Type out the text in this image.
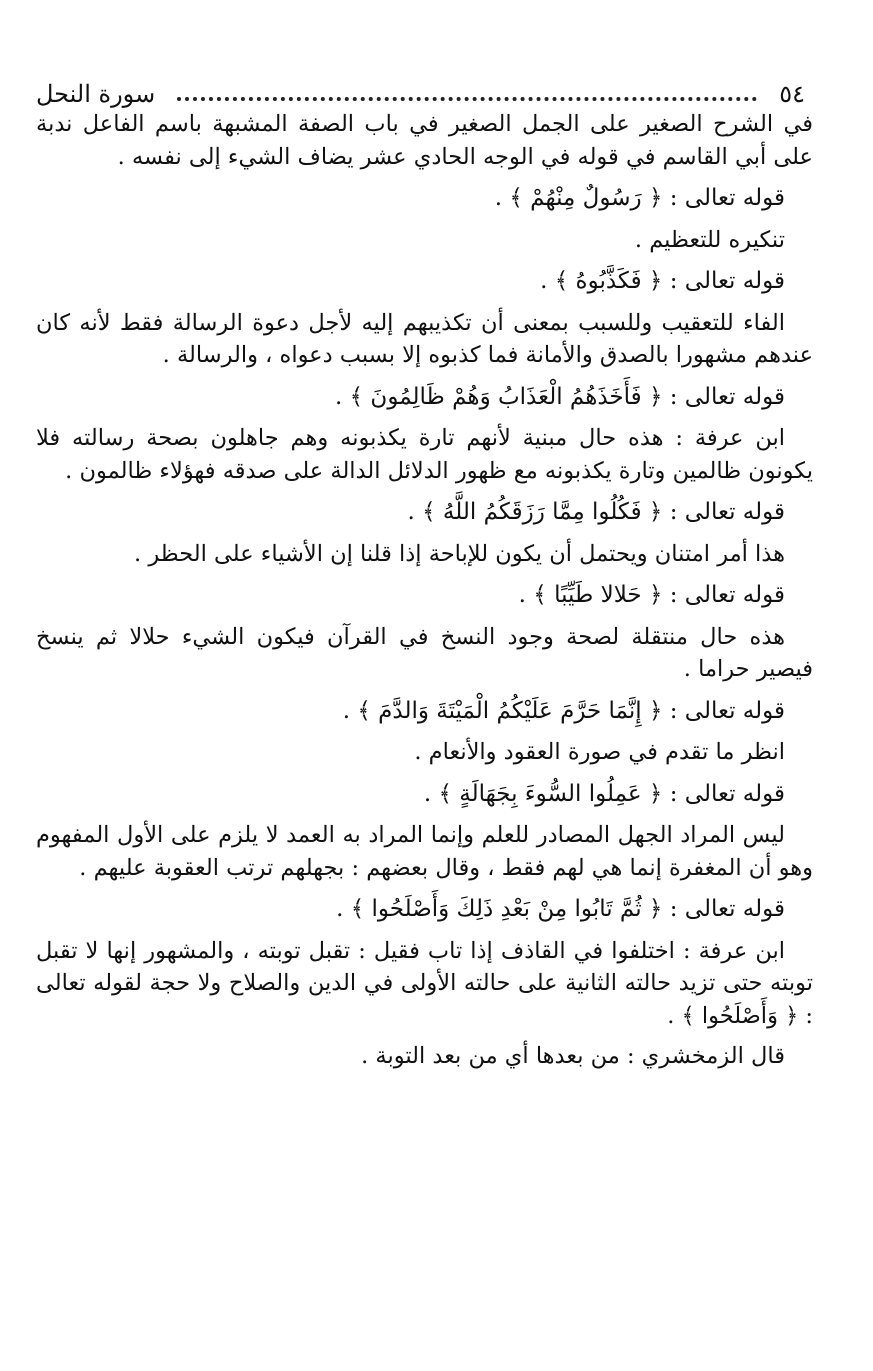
سورة النحل	٥٤

في الشرح الصغير على الجمل الصغير في باب الصفة المشبهة باسم الفاعل ندبة على أبي القاسم في قوله في الوجه الحادي عشر يضاف الشيء إلى نفسه .

قوله تعالى : ﴿ رَسُولٌ مِنْهُمْ ﴾ .

تنكيره للتعظيم .

قوله تعالى : ﴿ فَكَذَّبُوهُ ﴾ .

الفاء للتعقيب وللسبب بمعنى أن تكذيبهم إليه لأجل دعوة الرسالة فقط لأنه كان عندهم مشهورا بالصدق والأمانة فما كذبوه إلا بسبب دعواه ، والرسالة .

قوله تعالى : ﴿ فَأَخَذَهُمُ الْعَذَابُ وَهُمْ ظَالِمُونَ ﴾ .

ابن عرفة : هذه حال مبنية لأنهم تارة يكذبونه وهم جاهلون بصحة رسالته فلا يكونون ظالمين وتارة يكذبونه مع ظهور الدلائل الدالة على صدقه فهؤلاء ظالمون .

قوله تعالى : ﴿ فَكُلُوا مِمَّا رَزَقَكُمُ اللَّهُ ﴾ .

هذا أمر امتنان ويحتمل أن يكون للإباحة إذا قلنا إن الأشياء على الحظر .

قوله تعالى : ﴿ حَلالا طَيِّبًا ﴾ .

هذه حال منتقلة لصحة وجود النسخ في القرآن فيكون الشيء حلالا ثم ينسخ فيصير حراما .

قوله تعالى : ﴿ إِنَّمَا حَرَّمَ عَلَيْكُمُ الْمَيْتَةَ وَالدَّمَ ﴾ .

انظر ما تقدم في صورة العقود والأنعام .

قوله تعالى : ﴿ عَمِلُوا السُّوءَ بِجَهَالَةٍ ﴾ .

ليس المراد الجهل المصادر للعلم وإنما المراد به العمد لا يلزم على الأول المفهوم وهو أن المغفرة إنما هي لهم فقط ، وقال بعضهم : بجهلهم ترتب العقوبة عليهم .

قوله تعالى : ﴿ ثُمَّ تَابُوا مِنْ بَعْدِ ذَلِكَ وَأَصْلَحُوا ﴾ .

ابن عرفة : اختلفوا في القاذف إذا تاب فقيل : تقبل توبته ، والمشهور إنها لا تقبل توبته حتى تزيد حالته الثانية على حالته الأولى في الدين والصلاح ولا حجة لقوله تعالى : ﴿ وَأَصْلَحُوا ﴾ .

قال الزمخشري : من بعدها أي من بعد التوبة .
